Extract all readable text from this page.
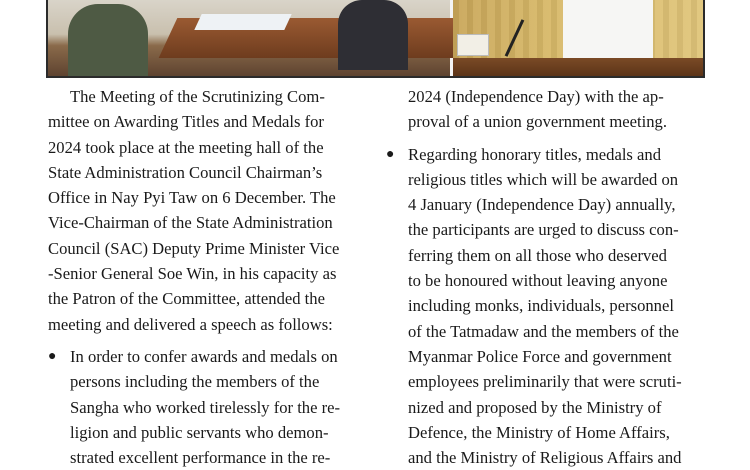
The Meeting of the Scrutinizing Com-
mittee on Awarding Titles and Medals for
2024 took place at the meeting hall of the
State Administration Council Chairman’s
Office in Nay Pyi Taw on 6 December. The
Vice-Chairman of the State Administration
Council (SAC) Deputy Prime Minister Vice
-Senior General Soe Win, in his capacity as
the Patron of the Committee, attended the
meeting and delivered a speech as follows:
● In order to confer awards and medals on
persons including the members of the
Sangha who worked tirelessly for the re-
ligion and public servants who demon-
strated excellent performance in the re-
2024 (Independence Day) with the ap-
proval of a union government meeting.
● Regarding honorary titles, medals and
religious titles which will be awarded on
4 January (Independence Day) annually,
the participants are urged to discuss con-
ferring them on all those who deserved
to be honoured without leaving anyone
including monks, individuals, personnel
of the Tatmadaw and the members of the
Myanmar Police Force and government
employees preliminarily that were scruti-
nized and proposed by the Ministry of
Defence, the Ministry of Home Affairs,
and the Ministry of Religious Affairs and
